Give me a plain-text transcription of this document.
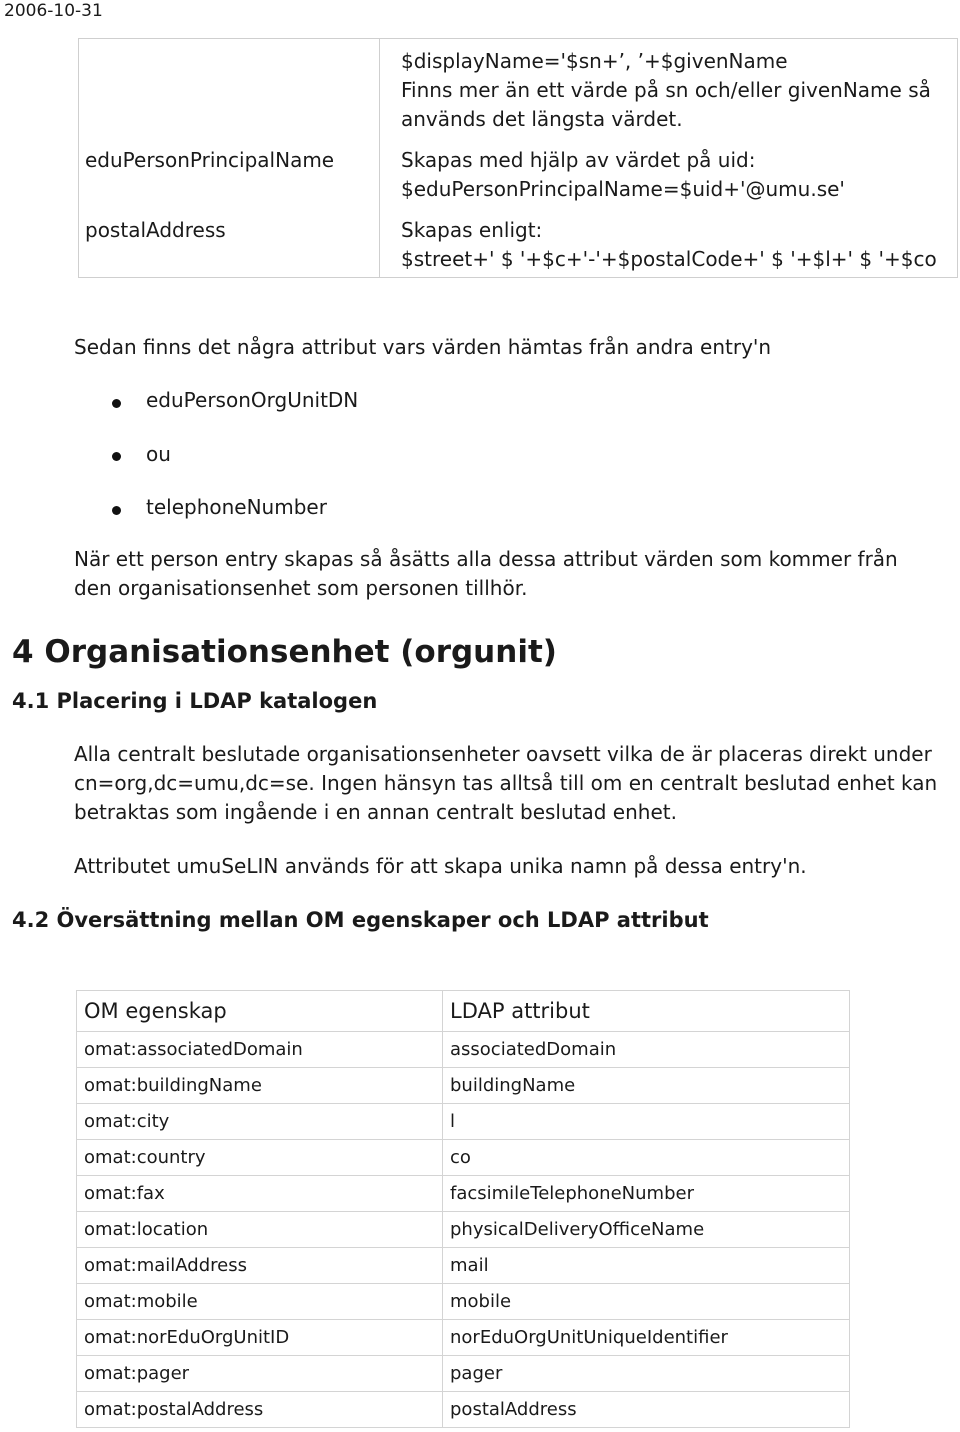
2006-10-31
$displayName='$sn+’, ’+$givenName
Finns mer än ett värde på sn och/eller givenName så
används det längsta värdet.
eduPersonPrincipalName	Skapas med hjälp av värdet på uid:
$eduPersonPrincipalName=$uid+'@umu.se'
postalAddress	Skapas enligt:
$street+' $ '+$c+'-'+$postalCode+' $ '+$l+' $ '+$co
Sedan finns det några attribut vars värden hämtas från andra entry'n
eduPersonOrgUnitDN
ou
telephoneNumber
När ett person entry skapas så åsätts alla dessa attribut värden som kommer från
den organisationsenhet som personen tillhör.
4 Organisationsenhet (orgunit)
4.1 Placering i LDAP katalogen
Alla centralt beslutade organisationsenheter oavsett vilka de är placeras direkt under
cn=org,dc=umu,dc=se. Ingen hänsyn tas alltså till om en centralt beslutad enhet kan
betraktas som ingående i en annan centralt beslutad enhet.
Attributet umuSeLIN används för att skapa unika namn på dessa entry'n.
4.2 Översättning mellan OM egenskaper och LDAP attribut
OM egenskap	LDAP attribut
omat:associatedDomain	associatedDomain
omat:buildingName	buildingName
omat:city	l
omat:country	co
omat:fax	facsimileTelephoneNumber
omat:location	physicalDeliveryOfficeName
omat:mailAddress	mail
omat:mobile	mobile
omat:norEduOrgUnitID	norEduOrgUnitUniqueIdentifier
omat:pager	pager
omat:postalAddress	postalAddress
